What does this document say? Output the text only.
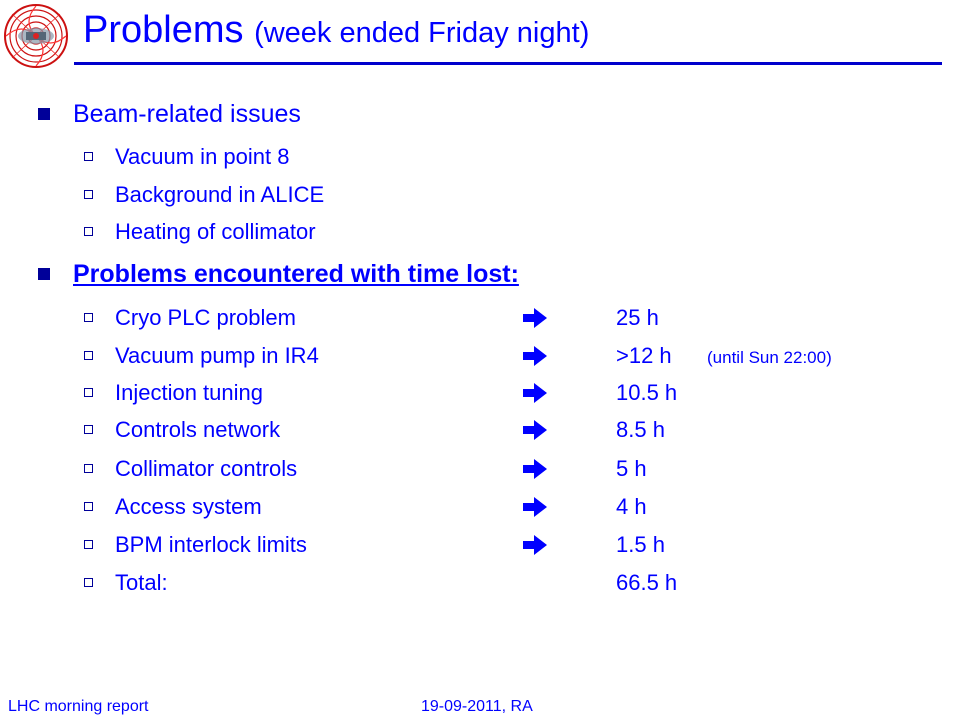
Problems (week ended Friday night)
Beam-related issues
Vacuum in point 8
Background in ALICE
Heating of collimator
Problems encountered with time lost:
Cryo PLC problem	25 h
Vacuum pump in IR4	>12 h (until Sun 22:00)
Injection tuning	10.5 h
Controls network	8.5 h
Collimator controls	5 h
Access system	4 h
BPM interlock limits	1.5 h
Total:	66.5 h
LHC morning report	19-09-2011, RA
